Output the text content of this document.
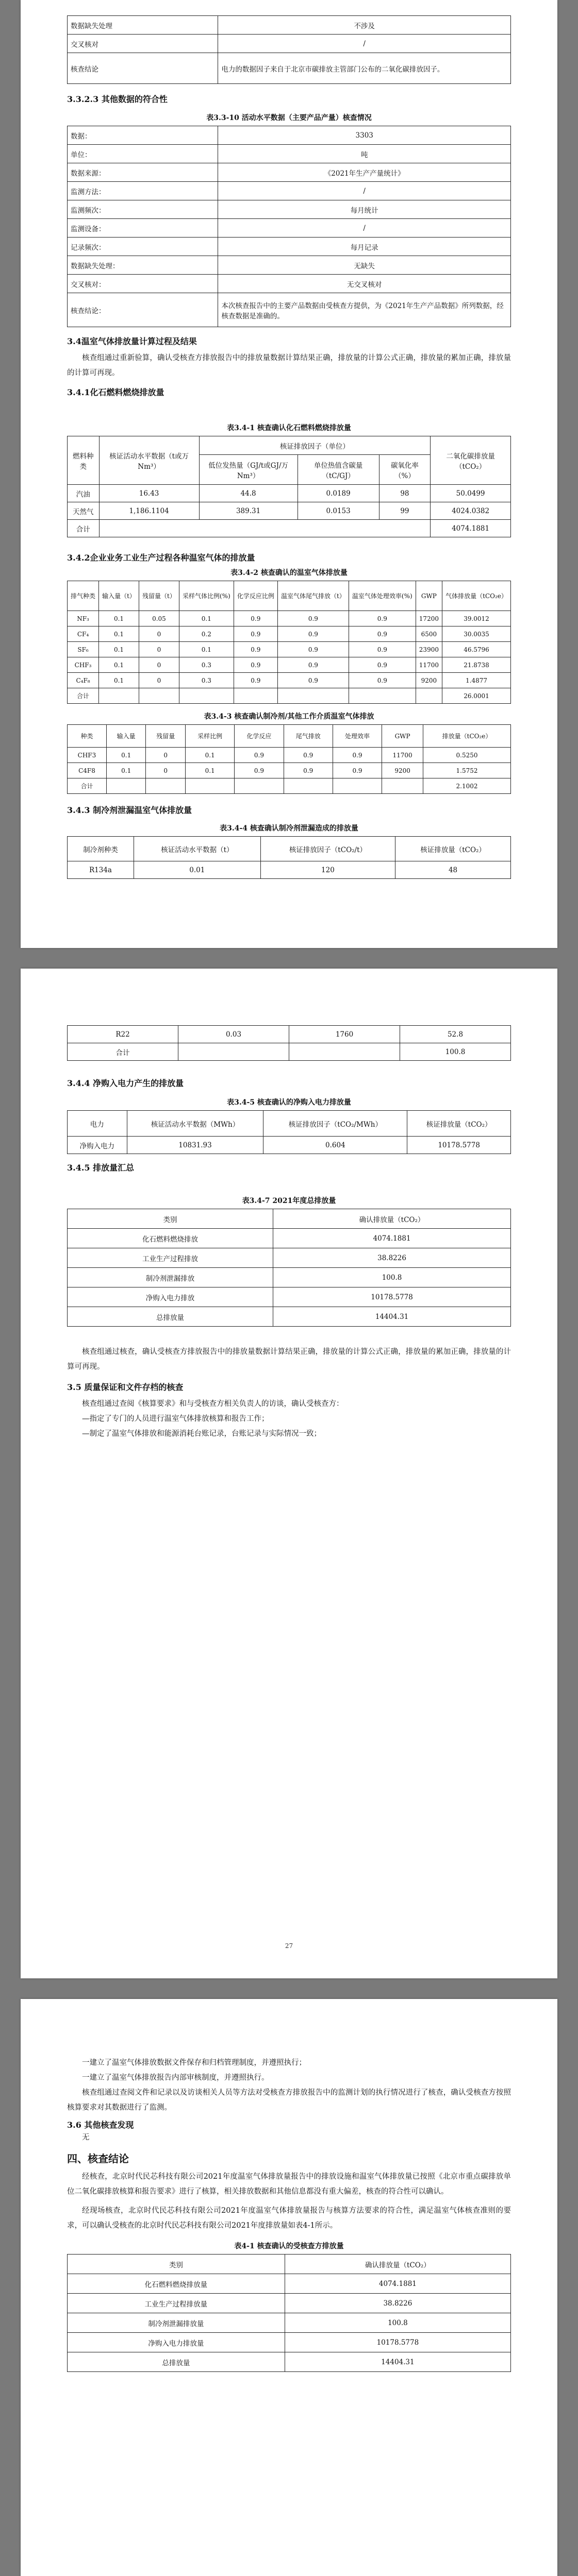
数据缺失处理	不涉及
交叉核对	/
核查结论	电力的数据因子来自于北京市碳排放主管部门公布的二氧化碳排放因子。

3.3.2.3 其他数据的符合性

表3.3-10 活动水平数据（主要产品产量）核查情况

数据：	3303
单位：	吨
数据来源：	《2021年生产产量统计》
监测方法：	/
监测频次：	每月统计
监测设备：	/
记录频次：	每月记录
数据缺失处理：	无缺失
交叉核对：	无交叉核对
核查结论：	本次核查报告中的主要产品数据由受核查方提供，为《2021年生产产品数据》所列数据，经核查数据是准确的。

3.4温室气体排放量计算过程及结果

核查组通过重新验算，确认受核查方排放报告中的排放量数据计算结果正确，排放量的计算公式正确，排放量的累加正确，排放量的计算可再现。

3.4.1化石燃料燃烧排放量

表3.4-1 核查确认化石燃料燃烧排放量

燃料种类	核证活动水平数据（t或万Nm³）	核证排放因子（单位）			二氧化碳排放量（tCO₂）
		低位发热量（GJ/t或GJ/万Nm³）	单位热值含碳量（tC/GJ）	碳氧化率（%）	
汽油	16.43	44.8	0.0189	98	50.0499
天然气	1,186.1104	389.31	0.0153	99	4024.0382
合计					4074.1881

3.4.2企业业务工业生产过程各种温室气体的排放量

表3.4-2 核查确认的温室气体排放量

排气种类	输入量（t）	残留量（t）	采样气体比例(%)	化学反应比例	温室气体尾气排放（t）	温室气体处理效率(%)	GWP	气体排放量（tCO₂e）
NF₃	0.1	0.05	0.1	0.9	0.9	0.9	17200	39.0012
CF₄	0.1	0	0.2	0.9	0.9	0.9	6500	30.0035
SF₆	0.1	0	0.1	0.9	0.9	0.9	23900	46.5796
CHF₃	0.1	0	0.3	0.9	0.9	0.9	11700	21.8738
C₄F₈	0.1	0	0.3	0.9	0.9	0.9	9200	1.4877
合计								26.0001

表3.4-3 核查确认制冷剂/其他工作介质温室气体排放

种类	输入量	残留量	采样比例	化学反应	尾气排放	处理效率	GWP	排放量（tCO₂e）
CHF3	0.1	0	0.1	0.9	0.9	0.9	11700	0.5250
C4F8	0.1	0	0.1	0.9	0.9	0.9	9200	1.5752
合计								2.1002

3.4.3 制冷剂泄漏温室气体排放量

表3.4-4 核查确认制冷剂泄漏造成的排放量

制冷剂种类	核证活动水平数据（t）	核证排放因子（tCO₂/t）	核证排放量（tCO₂）
R134a	0.01	120	48
R22	0.03	1760	52.8
合计			100.8

3.4.4 净购入电力产生的排放量

表3.4-5 核查确认的净购入电力排放量

电力	核证活动水平数据（MWh）	核证排放因子（tCO₂/MWh）	核证排放量（tCO₂）
净购入电力	10831.93	0.604	10178.5778

3.4.5 排放量汇总

表3.4-7 2021年度总排放量

类别	确认排放量（tCO₂）
化石燃料燃烧排放	4074.1881
工业生产过程排放	38.8226
制冷剂泄漏排放	100.8
净购入电力排放	10178.5778
总排放量	14404.31

核查组通过核查，确认受核查方排放报告中的排放量数据计算结果正确，排放量的计算公式正确，排放量的累加正确，排放量的计算可再现。

3.5 质量保证和文件存档的核查

核查组通过查阅《核算要求》和与受核查方相关负责人的访谈，确认受核查方：

—指定了专门的人员进行温室气体排放核算和报告工作；

—制定了温室气体排放和能源消耗台账记录，台账记录与实际情况一致；

27

一建立了温室气体排放数据文件保存和归档管理制度，并遵照执行；

一建立了温室气体排放报告内部审核制度，并遵照执行。

核查组通过查阅文件和记录以及访谈相关人员等方法对受核查方排放报告中的监测计划的执行情况进行了核查，确认受核查方按照核算要求对其数据进行了监测。

3.6 其他核查发现

无

四、核查结论

经核查，北京时代民芯科技有限公司2021年度温室气体排放量报告中的排放设施和温室气体排放量已按照《北京市重点碳排放单位二氧化碳排放核算和报告要求》进行了核算，相关排放数据和其他信息都没有重大偏差，核查的符合性可以确认。

经现场核查，北京时代民芯科技有限公司2021年度温室气体排放量报告与核算方法要求的符合性，满足温室气体核查准则的要求，可以确认受核查的北京时代民芯科技有限公司2021年度排放量如表4-1所示。

表4-1 核查确认的受核查方排放量

类别	确认排放量（tCO₂）
化石燃料燃烧排放量	4074.1881
工业生产过程排放量	38.8226
制冷剂泄漏排放量	100.8
净购入电力排放量	10178.5778
总排放量	14404.31
